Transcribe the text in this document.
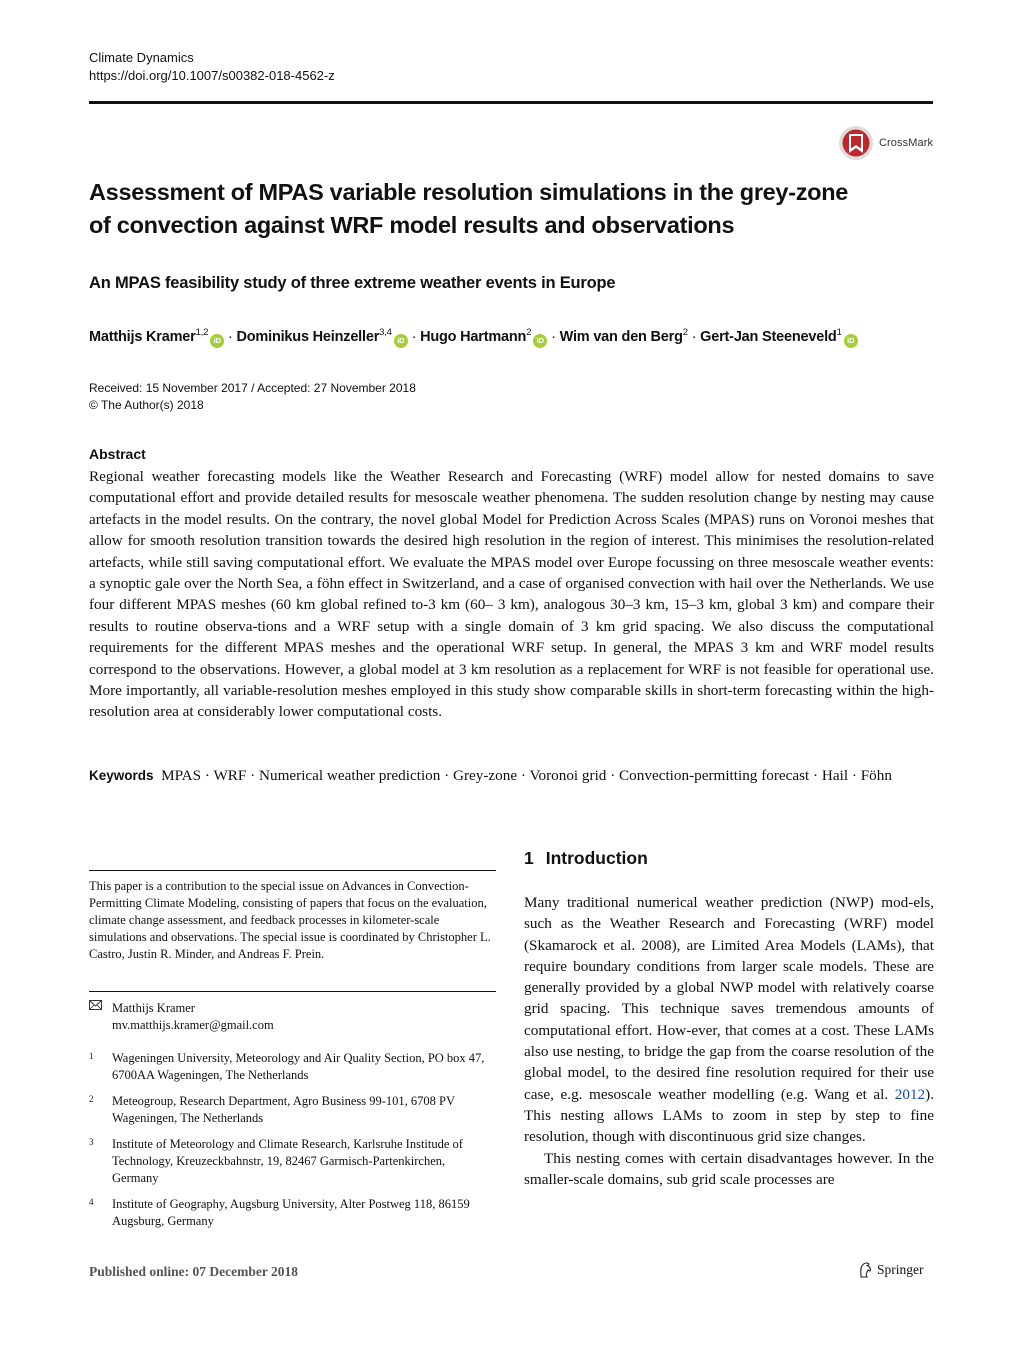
Climate Dynamics
https://doi.org/10.1007/s00382-018-4562-z
CrossMark
Assessment of MPAS variable resolution simulations in the grey-zone
of convection against WRF model results and observations
An MPAS feasibility study of three extreme weather events in Europe
Matthijs Kramer$^{1,2}$iD · Dominikus Heinzeller$^{3,4}$iD · Hugo Hartmann$^2$iD · Wim van den Berg$^2$ · Gert-Jan Steeneveld$^1$iD
Received: 15 November 2017 / Accepted: 27 November 2018
© The Author(s) 2018
Abstract
Regional weather forecasting models like the Weather Research and Forecasting (WRF) model allow for nested domains to save computational effort and provide detailed results for mesoscale weather phenomena. The sudden resolution change by nesting may cause artefacts in the model results. On the contrary, the novel global Model for Prediction Across Scales (MPAS) runs on Voronoi meshes that allow for smooth resolution transition towards the desired high resolution in the region of interest. This minimises the resolution-related artefacts, while still saving computational effort. We evaluate the MPAS model over Europe focussing on three mesoscale weather events: a synoptic gale over the North Sea, a föhn effect in Switzerland, and a case of organised convection with hail over the Netherlands. We use four different MPAS meshes (60 km global refined to-3 km (60– 3 km), analogous 30–3 km, 15–3 km, global 3 km) and compare their results to routine observa-tions and a WRF setup with a single domain of 3 km grid spacing. We also discuss the computational requirements for the different MPAS meshes and the operational WRF setup. In general, the MPAS 3 km and WRF model results correspond to the observations. However, a global model at 3 km resolution as a replacement for WRF is not feasible for operational use. More importantly, all variable-resolution meshes employed in this study show comparable skills in short-term forecasting within the high-resolution area at considerably lower computational costs.
Keywords MPAS · WRF · Numerical weather prediction · Grey-zone · Voronoi grid · Convection-permitting forecast · Hail · Föhn
This paper is a contribution to the special issue on Advances in Convection-Permitting Climate Modeling, consisting of papers that focus on the evaluation, climate change assessment, and feedback processes in kilometer-scale simulations and observations. The special issue is coordinated by Christopher L. Castro, Justin R. Minder, and Andreas F. Prein.
Matthijs Kramer
mv.matthijs.kramer@gmail.com
1	Wageningen University, Meteorology and Air Quality Section, PO box 47, 6700AA Wageningen, The Netherlands
2	Meteogroup, Research Department, Agro Business 99-101, 6708 PV Wageningen, The Netherlands
3	Institute of Meteorology and Climate Research, Karlsruhe Institude of Technology, Kreuzeckbahnstr, 19, 82467 Garmisch-Partenkirchen, Germany
4	Institute of Geography, Augsburg University, Alter Postweg 118, 86159 Augsburg, Germany
1 Introduction

Many traditional numerical weather prediction (NWP) mod-els, such as the Weather Research and Forecasting (WRF) model (Skamarock et al. 2008), are Limited Area Models (LAMs), that require boundary conditions from larger scale models. These are generally provided by a global NWP model with relatively coarse grid spacing. This technique saves tremendous amounts of computational effort. How-ever, that comes at a cost. These LAMs also use nesting, to bridge the gap from the coarse resolution of the global model, to the desired fine resolution required for their use case, e.g. mesoscale weather modelling (e.g. Wang et al. 2012). This nesting allows LAMs to zoom in step by step to fine resolution, though with discontinuous grid size changes.

This nesting comes with certain disadvantages however. In the smaller-scale domains, sub grid scale processes are

Published online: 07 December 2018	Springer
